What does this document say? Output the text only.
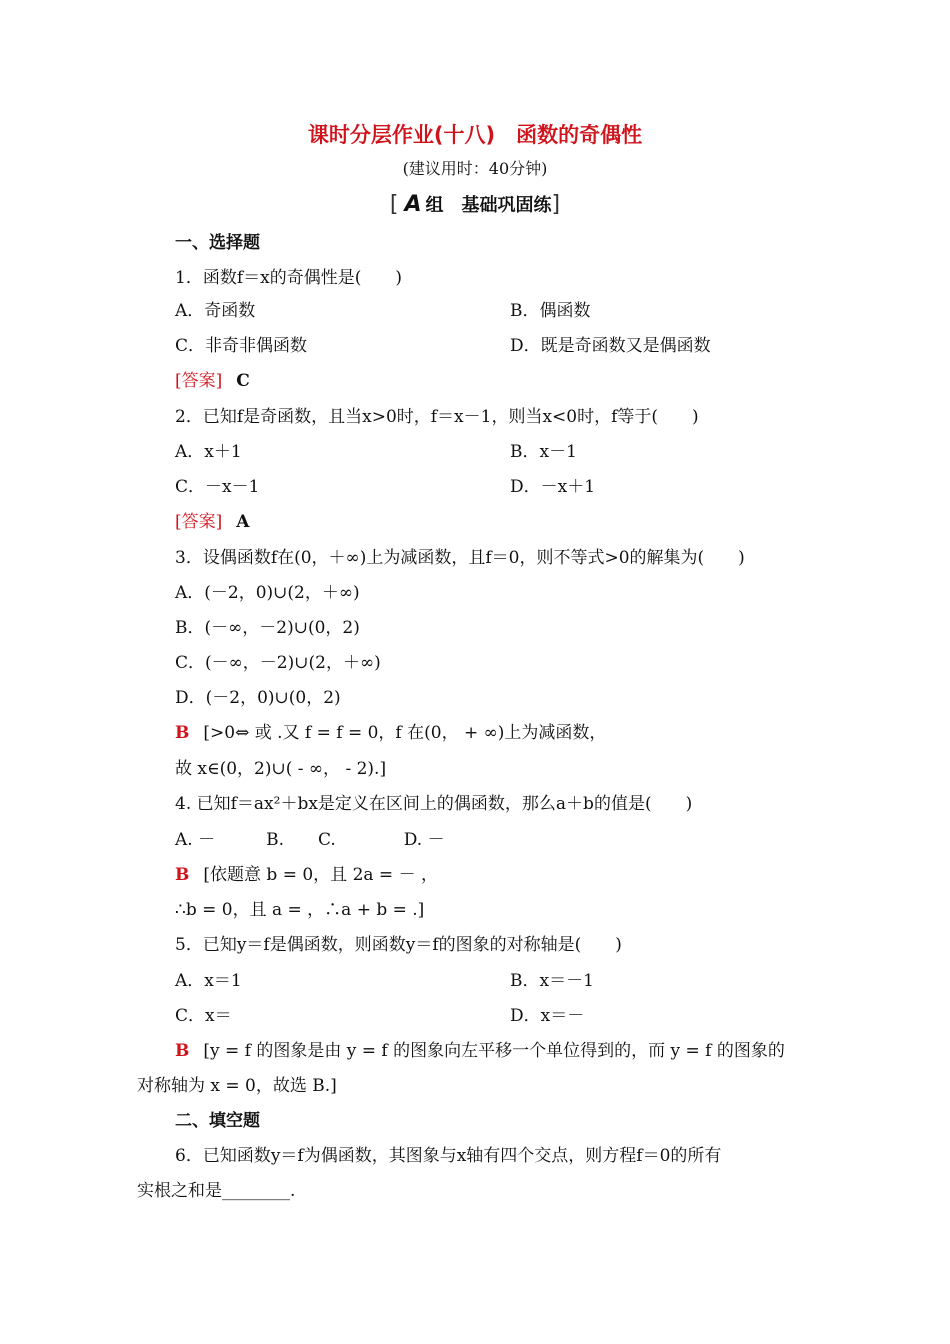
课时分层作业(十八)　函数的奇偶性
(建议用时：40分钟)
[ A 组　基础巩固练]
一、选择题
1．函数f＝x的奇偶性是(　　)
A．奇函数	B．偶函数
C．非奇非偶函数	D．既是奇函数又是偶函数
[答案] C
2．已知f是奇函数，且当x>0时，f＝x－1，则当x<0时，f等于(　　)
A．x＋1	B．x－1
C．－x－1	D．－x＋1
[答案] A
3．设偶函数f在(0，＋∞)上为减函数，且f＝0，则不等式>0的解集为(　　)
A．(－2，0)∪(2，＋∞)
B．(－∞，－2)∪(0，2)
C．(－∞，－2)∪(2，＋∞)
D．(－2，0)∪(0，2)
B [>0⇔ 或 .又 f = f = 0，f 在(0， + ∞)上为减函数，
故 x∈(0，2)∪( - ∞， - 2).]
4. 已知f＝ax²＋bx是定义在区间上的偶函数，那么a＋b的值是(　　)
A. －　　　B.　　C.　　　　D. －
B [依题意 b = 0，且 2a = － ，
∴b = 0，且 a = ，∴a + b = .]
5．已知y＝f是偶函数，则函数y＝f的图象的对称轴是(　　)
A．x＝1	B．x＝－1
C．x＝	D．x＝－
B [y = f 的图象是由 y = f 的图象向左平移一个单位得到的，而 y = f 的图象的
对称轴为 x = 0，故选 B.]
二、填空题
6．已知函数y＝f为偶函数，其图象与x轴有四个交点，则方程f＝0的所有
实根之和是________.
